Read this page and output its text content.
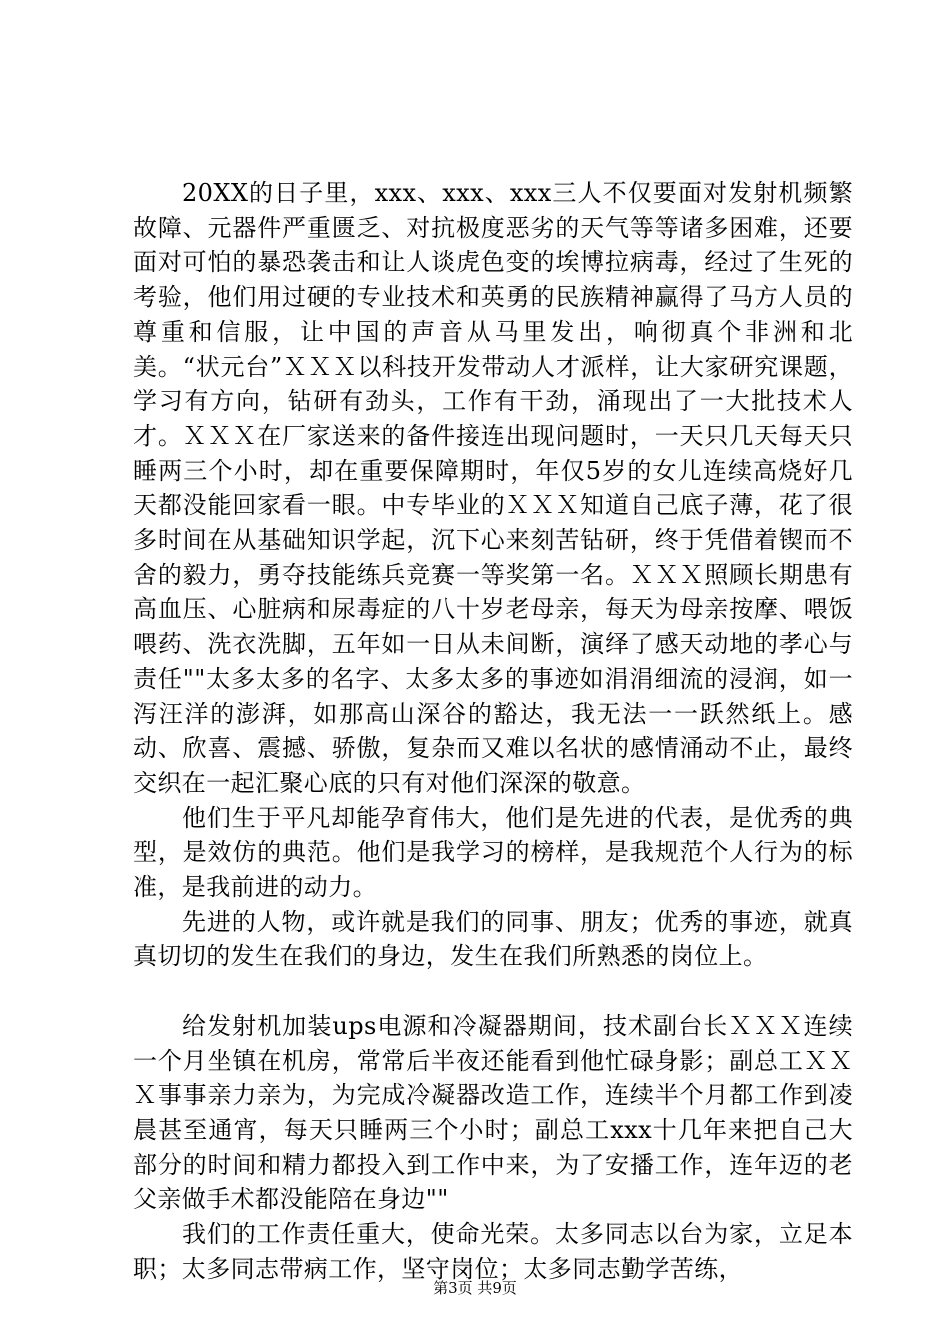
20XX的日子里，xxx、xxx、xxx三人不仅要面对发射机频繁故障、元器件严重匮乏、对抗极度恶劣的天气等等诸多困难，还要面对可怕的暴恐袭击和让人谈虎色变的埃博拉病毒，经过了生死的考验，他们用过硬的专业技术和英勇的民族精神赢得了马方人员的尊重和信服，让中国的声音从马里发出，响彻真个非洲和北美。“状元台”ＸＸＸ以科技开发带动人才派样，让大家研究课题，学习有方向，钻研有劲头，工作有干劲，涌现出了一大批技术人才。ＸＸＸ在厂家送来的备件接连出现问题时，一天只几天每天只睡两三个小时，却在重要保障期时，年仅5岁的女儿连续高烧好几天都没能回家看一眼。中专毕业的ＸＸＸ知道自己底子薄，花了很多时间在从基础知识学起，沉下心来刻苦钻研，终于凭借着锲而不舍的毅力，勇夺技能练兵竞赛一等奖第一名。ＸＸＸ照顾长期患有高血压、心脏病和尿毒症的八十岁老母亲，每天为母亲按摩、喂饭喂药、洗衣洗脚，五年如一日从未间断，演绎了感天动地的孝心与责任""太多太多的名字、太多太多的事迹如涓涓细流的浸润，如一泻汪洋的澎湃，如那高山深谷的豁达，我无法一一跃然纸上。感动、欣喜、震撼、骄傲，复杂而又难以名状的感情涌动不止，最终交织在一起汇聚心底的只有对他们深深的敬意。

他们生于平凡却能孕育伟大，他们是先进的代表，是优秀的典型，是效仿的典范。他们是我学习的榜样，是我规范个人行为的标准，是我前进的动力。

先进的人物，或许就是我们的同事、朋友；优秀的事迹，就真真切切的发生在我们的身边，发生在我们所熟悉的岗位上。

给发射机加装ups电源和冷凝器期间，技术副台长ＸＸＸ连续一个月坐镇在机房，常常后半夜还能看到他忙碌身影；副总工ＸＸＸ事事亲力亲为，为完成冷凝器改造工作，连续半个月都工作到凌晨甚至通宵，每天只睡两三个小时；副总工xxx十几年来把自己大部分的时间和精力都投入到工作中来，为了安播工作，连年迈的老父亲做手术都没能陪在身边""

我们的工作责任重大，使命光荣。太多同志以台为家，立足本职；太多同志带病工作，坚守岗位；太多同志勤学苦练，

第3页 共9页
